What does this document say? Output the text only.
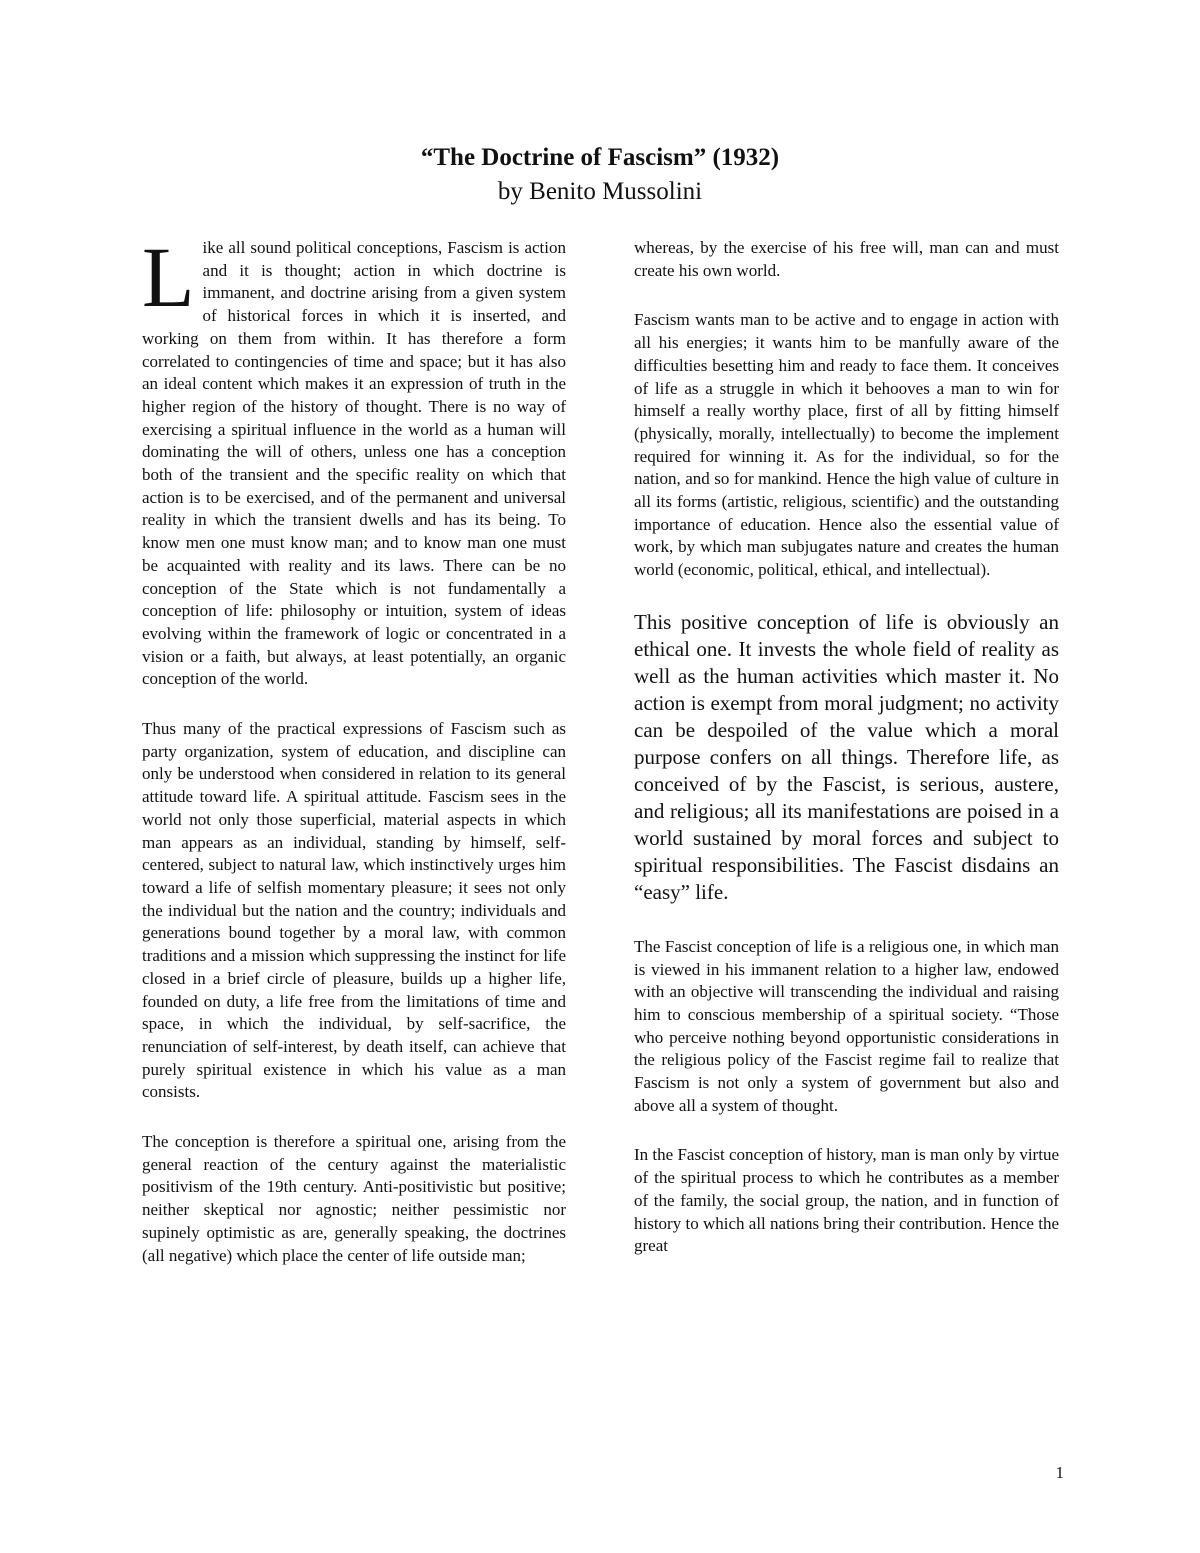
“The Doctrine of Fascism” (1932)
by Benito Mussolini

L ike all sound political conceptions, Fascism is action and it is thought; action in which doctrine is immanent, and doctrine arising from a given system of historical forces in which it is inserted, and working on them from within. It has therefore a form correlated to contingencies of time and space; but it has also an ideal content which makes it an expression of truth in the higher region of the history of thought. There is no way of exercising a spiritual influence in the world as a human will dominating the will of others, unless one has a conception both of the transient and the specific reality on which that action is to be exercised, and of the permanent and universal reality in which the transient dwells and has its being. To know men one must know man; and to know man one must be acquainted with reality and its laws. There can be no conception of the State which is not fundamentally a conception of life: philosophy or intuition, system of ideas evolving within the framework of logic or concentrated in a vision or a faith, but always, at least potentially, an organic conception of the world.

Thus many of the practical expressions of Fascism such as party organization, system of education, and discipline can only be understood when considered in relation to its general attitude toward life. A spiritual attitude. Fascism sees in the world not only those superficial, material aspects in which man appears as an individual, standing by himself, self-centered, subject to natural law, which instinctively urges him toward a life of selfish momentary pleasure; it sees not only the individual but the nation and the country; individuals and generations bound together by a moral law, with common traditions and a mission which suppressing the instinct for life closed in a brief circle of pleasure, builds up a higher life, founded on duty, a life free from the limitations of time and space, in which the individual, by self-sacrifice, the renunciation of self-interest, by death itself, can achieve that purely spiritual existence in which his value as a man consists.

The conception is therefore a spiritual one, arising from the general reaction of the century against the materialistic positivism of the 19th century. Anti-positivistic but positive; neither skeptical nor agnostic; neither pessimistic nor supinely optimistic as are, generally speaking, the doctrines (all negative) which place the center of life outside man;

whereas, by the exercise of his free will, man can and must create his own world.

Fascism wants man to be active and to engage in action with all his energies; it wants him to be manfully aware of the difficulties besetting him and ready to face them. It conceives of life as a struggle in which it behooves a man to win for himself a really worthy place, first of all by fitting himself (physically, morally, intellectually) to become the implement required for winning it. As for the individual, so for the nation, and so for mankind. Hence the high value of culture in all its forms (artistic, religious, scientific) and the outstanding importance of education. Hence also the essential value of work, by which man subjugates nature and creates the human world (economic, political, ethical, and intellectual).

This positive conception of life is obviously an ethical one. It invests the whole field of reality as well as the human activities which master it. No action is exempt from moral judgment; no activity can be despoiled of the value which a moral purpose confers on all things. Therefore life, as conceived of by the Fascist, is serious, austere, and religious; all its manifestations are poised in a world sustained by moral forces and subject to spiritual responsibilities. The Fascist disdains an “easy” life.

The Fascist conception of life is a religious one, in which man is viewed in his immanent relation to a higher law, endowed with an objective will transcending the individual and raising him to conscious membership of a spiritual society. “Those who perceive nothing beyond opportunistic considerations in the religious policy of the Fascist regime fail to realize that Fascism is not only a system of government but also and above all a system of thought.

In the Fascist conception of history, man is man only by virtue of the spiritual process to which he contributes as a member of the family, the social group, the nation, and in function of history to which all nations bring their contribution. Hence the great

1
